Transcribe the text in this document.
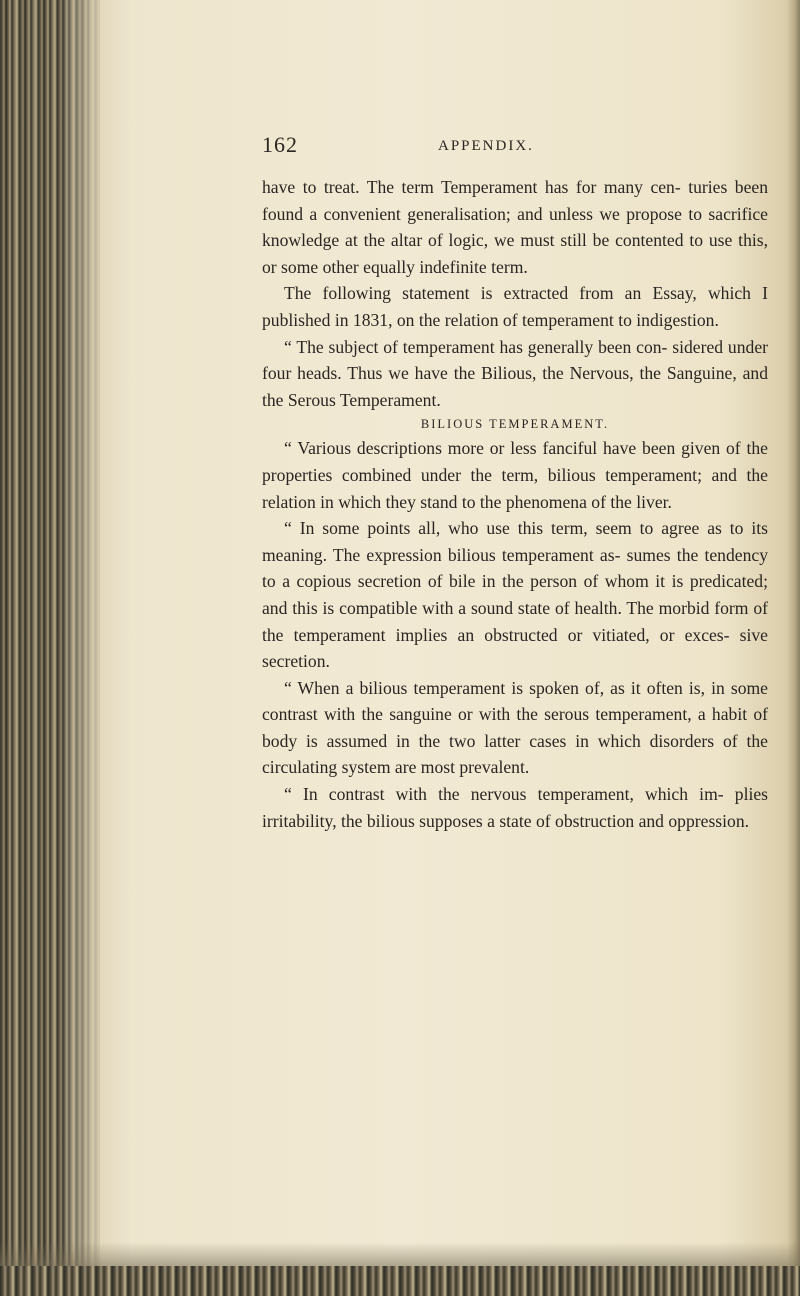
162	APPENDIX.

have to treat. The term Temperament has for many cen- turies been found a convenient generalisation; and unless we propose to sacrifice knowledge at the altar of logic, we must still be contented to use this, or some other equally indefinite term.

The following statement is extracted from an Essay, which I published in 1831, on the relation of temperament to indigestion.

“ The subject of temperament has generally been con- sidered under four heads. Thus we have the Bilious, the Nervous, the Sanguine, and the Serous Temperament.

BILIOUS TEMPERAMENT.

“ Various descriptions more or less fanciful have been given of the properties combined under the term, bilious temperament; and the relation in which they stand to the phenomena of the liver.

“ In some points all, who use this term, seem to agree as to its meaning. The expression bilious temperament as- sumes the tendency to a copious secretion of bile in the person of whom it is predicated; and this is compatible with a sound state of health. The morbid form of the temperament implies an obstructed or vitiated, or exces- sive secretion.

“ When a bilious temperament is spoken of, as it often is, in some contrast with the sanguine or with the serous temperament, a habit of body is assumed in the two latter cases in which disorders of the circulating system are most prevalent.

“ In contrast with the nervous temperament, which im- plies irritability, the bilious supposes a state of obstruction and oppression.
